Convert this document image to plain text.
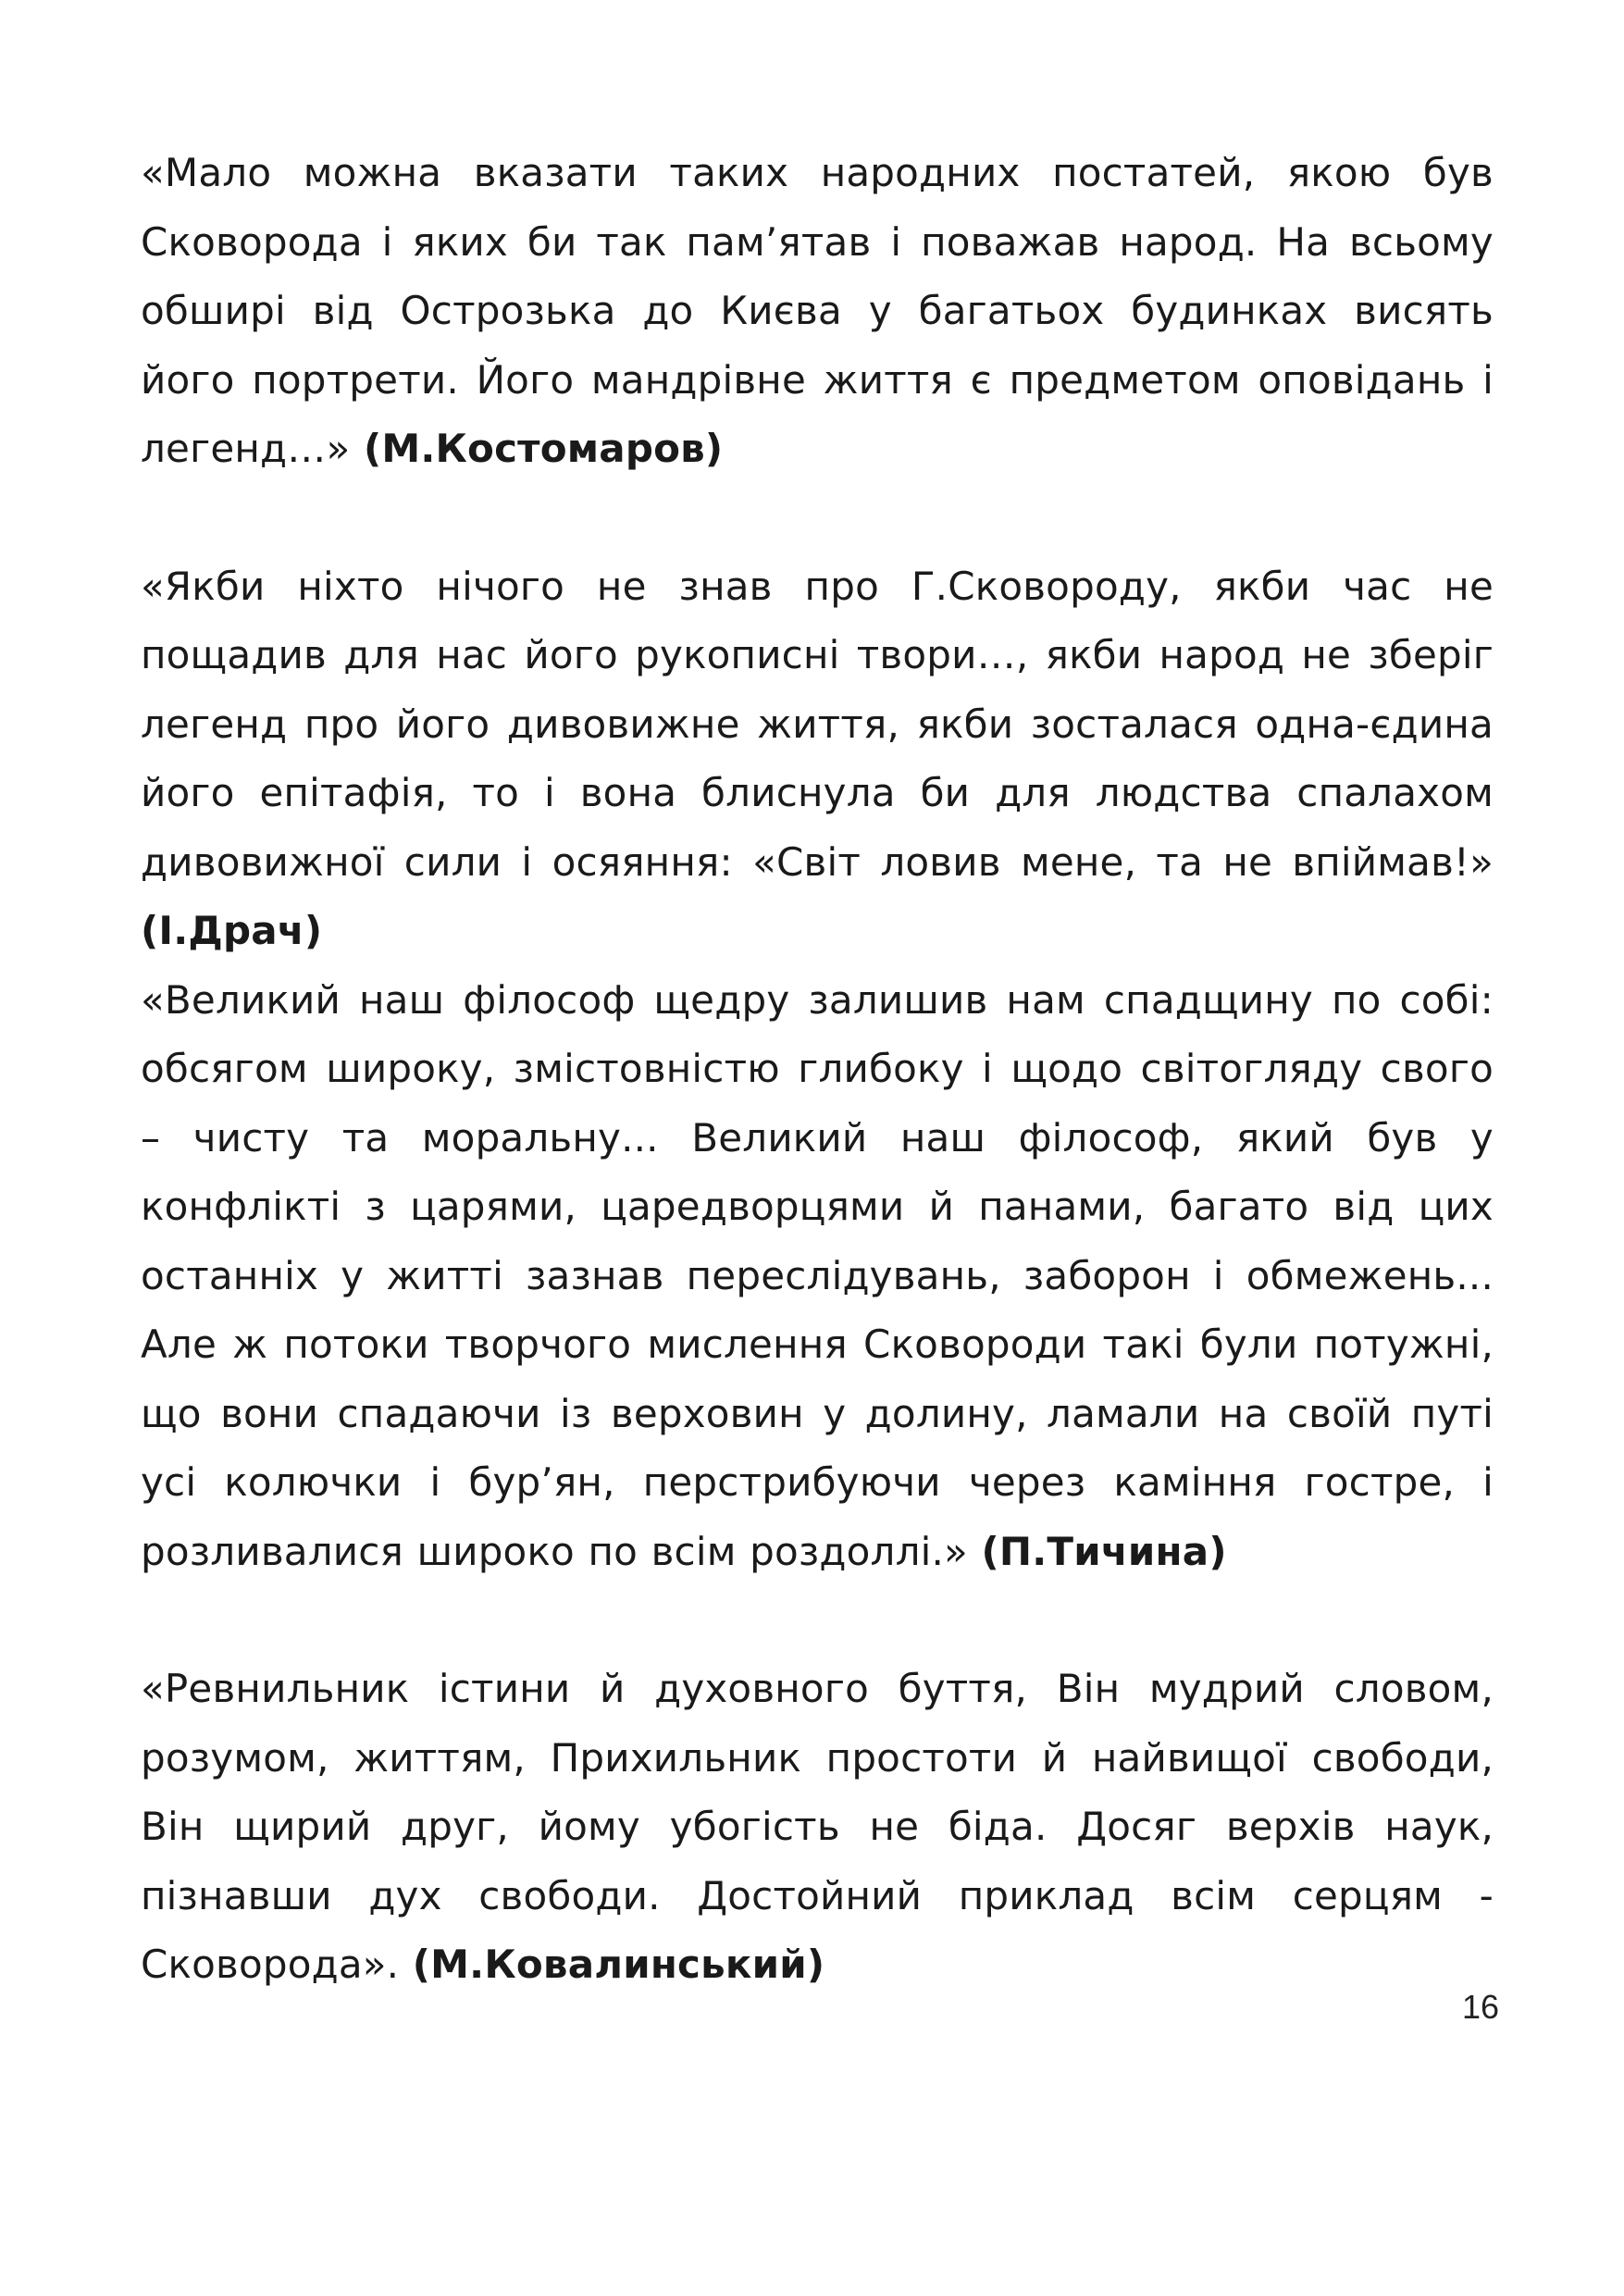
«Мало можна вказати таких народних постатей, якою був Сковорода і яких би так пам’ятав і поважав народ. На всьому обширі від Острозька до Києва у багатьох будинках висять його портрети. Його мандрівне життя є предметом оповідань і легенд…» (М.Костомаров)

«Якби ніхто нічого не знав про Г.Сковороду, якби час не пощадив для нас його рукописні твори…, якби народ не зберіг легенд про його дивовижне життя, якби зосталася одна-єдина його епітафія, то і вона блиснула би для людства спалахом дивовижної сили і осяяння: «Світ ловив мене, та не впіймав!» (І.Драч)

«Великий наш філософ щедру залишив нам спадщину по собі: обсягом широку, змістовністю глибоку і щодо світогляду свого – чисту та моральну... Великий наш філософ, який був у конфлікті з царями, царедворцями й панами, багато від цих останніх у житті зазнав переслідувань, заборон і обмежень... Але ж потоки творчого мислення Сковороди такі були потужні, що вони спадаючи із верховин у долину, ламали на своїй путі усі колючки і бур’ян, перстрибуючи через каміння гостре, і розливалися широко по всім роздоллі.» (П.Тичина)

«Ревнильник істини й духовного буття, Він мудрий словом, розумом, життям, Прихильник простоти й найвищої свободи, Він щирий друг, йому убогість не біда. Досяг верхів наук, пізнавши дух свободи. Достойний приклад всім серцям - Сковорода». (М.Ковалинський)

16
